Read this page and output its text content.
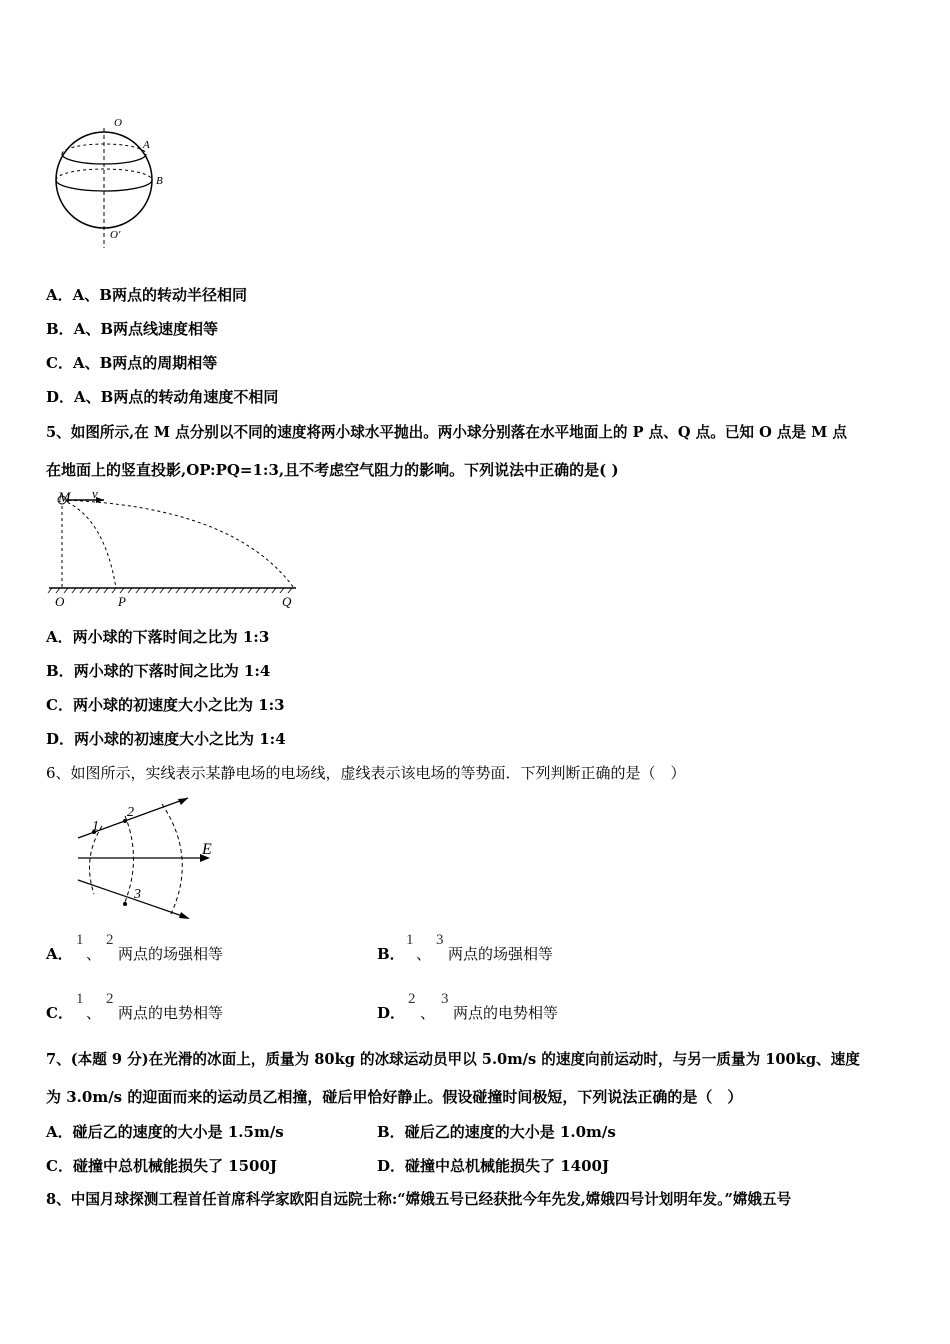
O
A
B
O′
A．A、B两点的转动半径相同
B．A、B两点线速度相等
C．A、B两点的周期相等
D．A、B两点的转动角速度不相同
5、如图所示,在 M 点分别以不同的速度将两小球水平抛出。两小球分别落在水平地面上的 P 点、Q 点。已知 O 点是 M 点
在地面上的竖直投影,OP:PQ=1:3,且不考虑空气阻力的影响。下列说法中正确的是( )
M v
O	P	Q
A．两小球的下落时间之比为 1:3
B．两小球的下落时间之比为 1:4
C．两小球的初速度大小之比为 1:3
D．两小球的初速度大小之比为 1:4
6、如图所示，实线表示某静电场的电场线，虚线表示该电场的等势面．下列判断正确的是（　）
1
2
3
E
A．
1
、
2
两点的场强相等	B．
1
、
3
两点的场强相等
C．
1
、
2
两点的电势相等	D．
2
、
3
两点的电势相等
7、(本题 9 分)在光滑的冰面上，质量为 80kg 的冰球运动员甲以 5.0m/s 的速度向前运动时，与另一质量为 100kg、速度
为 3.0m/s 的迎面而来的运动员乙相撞，碰后甲恰好静止。假设碰撞时间极短，下列说法正确的是（　）
A．碰后乙的速度的大小是 1.5m/s	B．碰后乙的速度的大小是 1.0m/s
C．碰撞中总机械能损失了 1500J	D．碰撞中总机械能损失了 1400J
8、中国月球探测工程首任首席科学家欧阳自远院士称:“嫦娥五号已经获批今年先发,嫦娥四号计划明年发。”嫦娥五号
